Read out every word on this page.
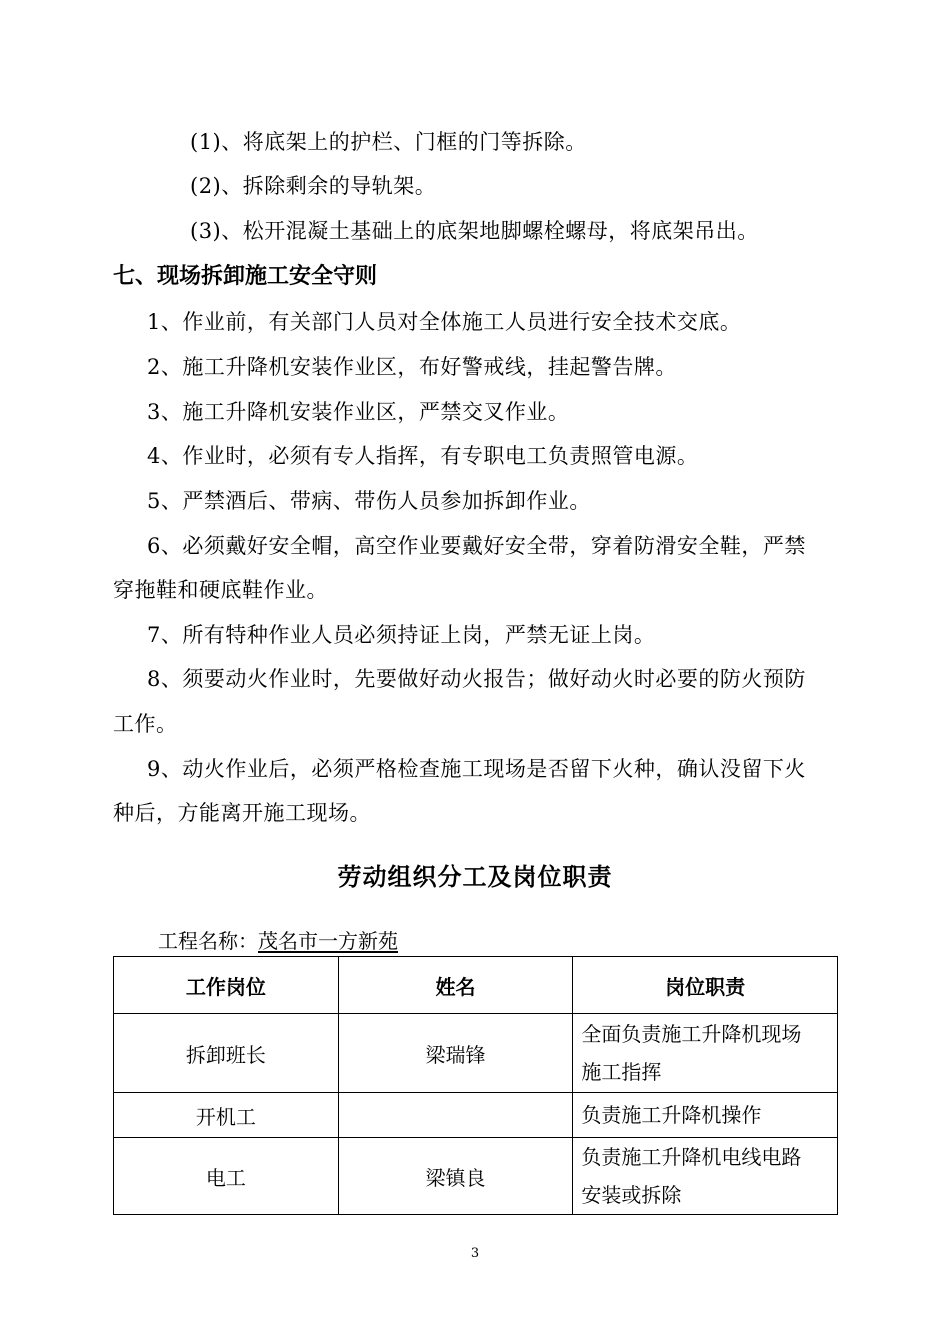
(1)、将底架上的护栏、门框的门等拆除。
(2)、拆除剩余的导轨架。
(3)、松开混凝土基础上的底架地脚螺栓螺母，将底架吊出。
七、现场拆卸施工安全守则
1、作业前，有关部门人员对全体施工人员进行安全技术交底。
2、施工升降机安装作业区，布好警戒线，挂起警告牌。
3、施工升降机安装作业区，严禁交叉作业。
4、作业时，必须有专人指挥，有专职电工负责照管电源。
5、严禁酒后、带病、带伤人员参加拆卸作业。
6、必须戴好安全帽，高空作业要戴好安全带，穿着防滑安全鞋，严禁
穿拖鞋和硬底鞋作业。
7、所有特种作业人员必须持证上岗，严禁无证上岗。
8、须要动火作业时，先要做好动火报告；做好动火时必要的防火预防
工作。
9、动火作业后，必须严格检查施工现场是否留下火种，确认没留下火
种后，方能离开施工现场。
劳动组织分工及岗位职责
工程名称：茂名市一方新苑
工作岗位	姓名	岗位职责
拆卸班长	梁瑞锋	全面负责施工升降机现场
施工指挥

开机工		负责施工升降机操作

电工	梁镇良	负责施工升降机电线电路
安装或拆除
3
